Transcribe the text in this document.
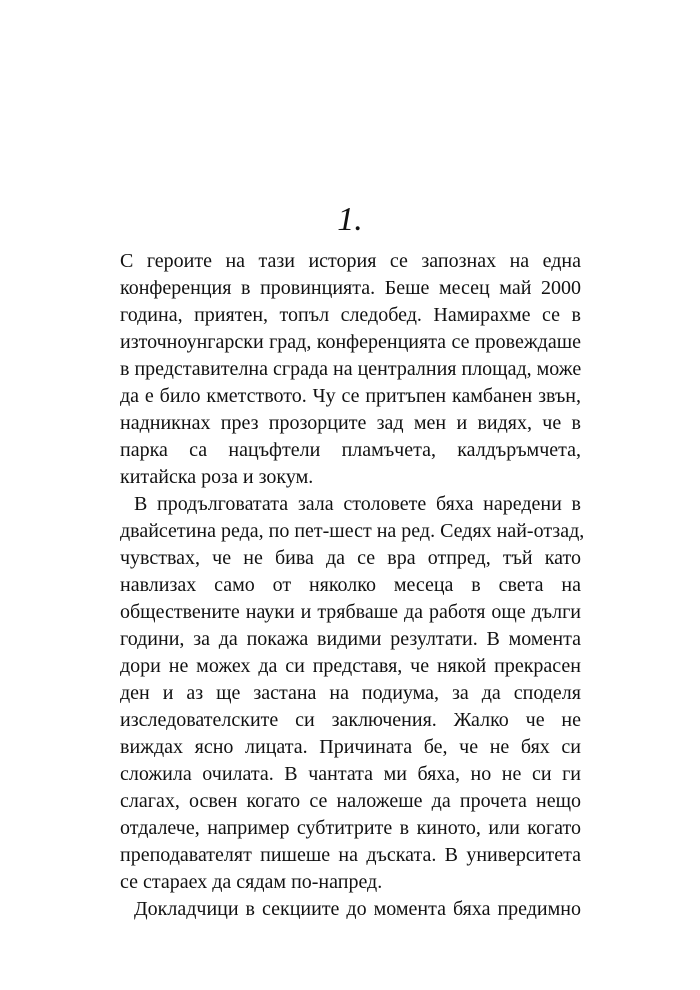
1.
С героите на тази история се запознах на една
конференция в провинцията. Беше месец май 2000
година, приятен, топъл следобед. Намирахме се в
източноунгарски град, конференцията се провеждаше
в представителна сграда на централния площад, може
да е било кметството. Чу се притъпен камбанен звън,
надникнах през прозорците зад мен и видях, че в
парка са нацъфтели пламъчета, калдъръмчета,
китайска роза и зокум.
В продълговатата зала столовете бяха наредени в
двайсетина реда, по пет-шест на ред. Седях най-отзад,
чувствах, че не бива да се вра отпред, тъй като
навлизах само от няколко месеца в света на
обществените науки и трябваше да работя още дълги
години, за да покажа видими резултати. В момента
дори не можех да си представя, че някой прекрасен
ден и аз ще застана на подиума, за да споделя
изследователските си заключения. Жалко че не
виждах ясно лицата. Причината бе, че не бях си
сложила очилата. В чантата ми бяха, но не си ги
слагах, освен когато се наложеше да прочета нещо
отдалече, например субтитрите в киното, или когато
преподавателят пишеше на дъската. В университета
се стараех да сядам по-напред.
Докладчици в секциите до момента бяха предимно
